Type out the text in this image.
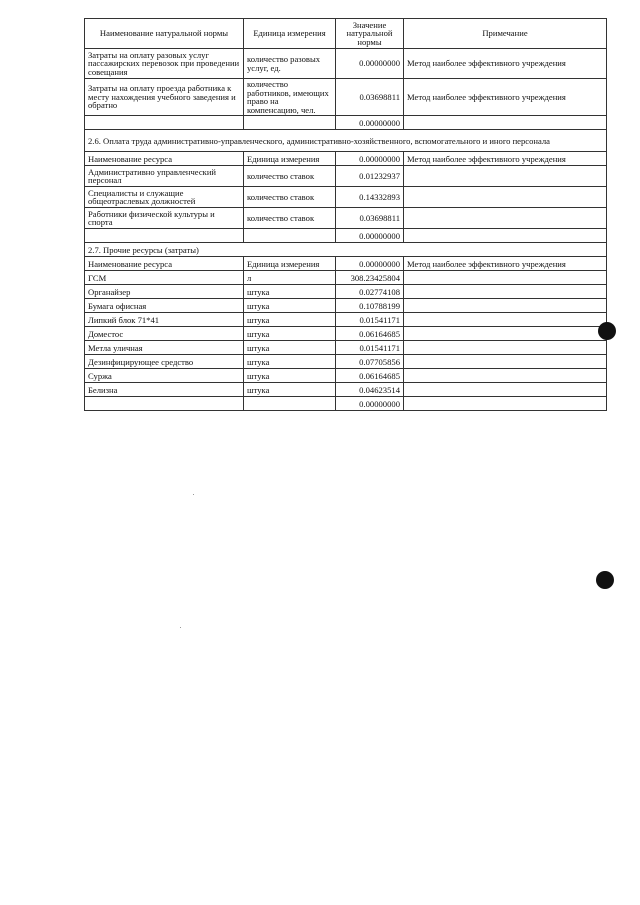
Наименование натуральной нормы	Единица измерения	Значение натуральной нормы	Примечание
Затраты на оплату разовых услуг пассажирских перевозок при проведении совещания	количество разовых услуг, ед.	0.00000000	Метод наиболее эффективного учреждения
Затраты на оплату проезда работника к месту нахождения учебного заведения и обратно	количество работников, имеющих право на компенсацию, чел.	0.03698811	Метод наиболее эффективного учреждения
		0.00000000	
2.6. Оплата труда административно-управленческого, административно-хозяйственного, вспомогательного и иного персонала			
Наименование ресурса	Единица измерения	0.00000000	Метод наиболее эффективного учреждения
Административно управленческий персонал	количество ставок	0.01232937	
Специалисты и служащие общеотраслевых должностей	количество ставок	0.14332893	
Работники физической культуры и спорта	количество ставок	0.03698811	
		0.00000000	
2.7. Прочие ресурсы (затраты)			
Наименование ресурса	Единица измерения	0.00000000	Метод наиболее эффективного учреждения
ГСМ	л	308.23425804	
Органайзер	штука	0.02774108	
Бумага офисная	штука	0.10788199	
Липкий блок 71*41	штука	0.01541171	
Доместос	штука	0.06164685	
Метла уличная	штука	0.01541171	
Дезинфицирующее средство	штука	0.07705856	
Суржа	штука	0.06164685	
Белизна	штука	0.04623514	
		0.00000000	
